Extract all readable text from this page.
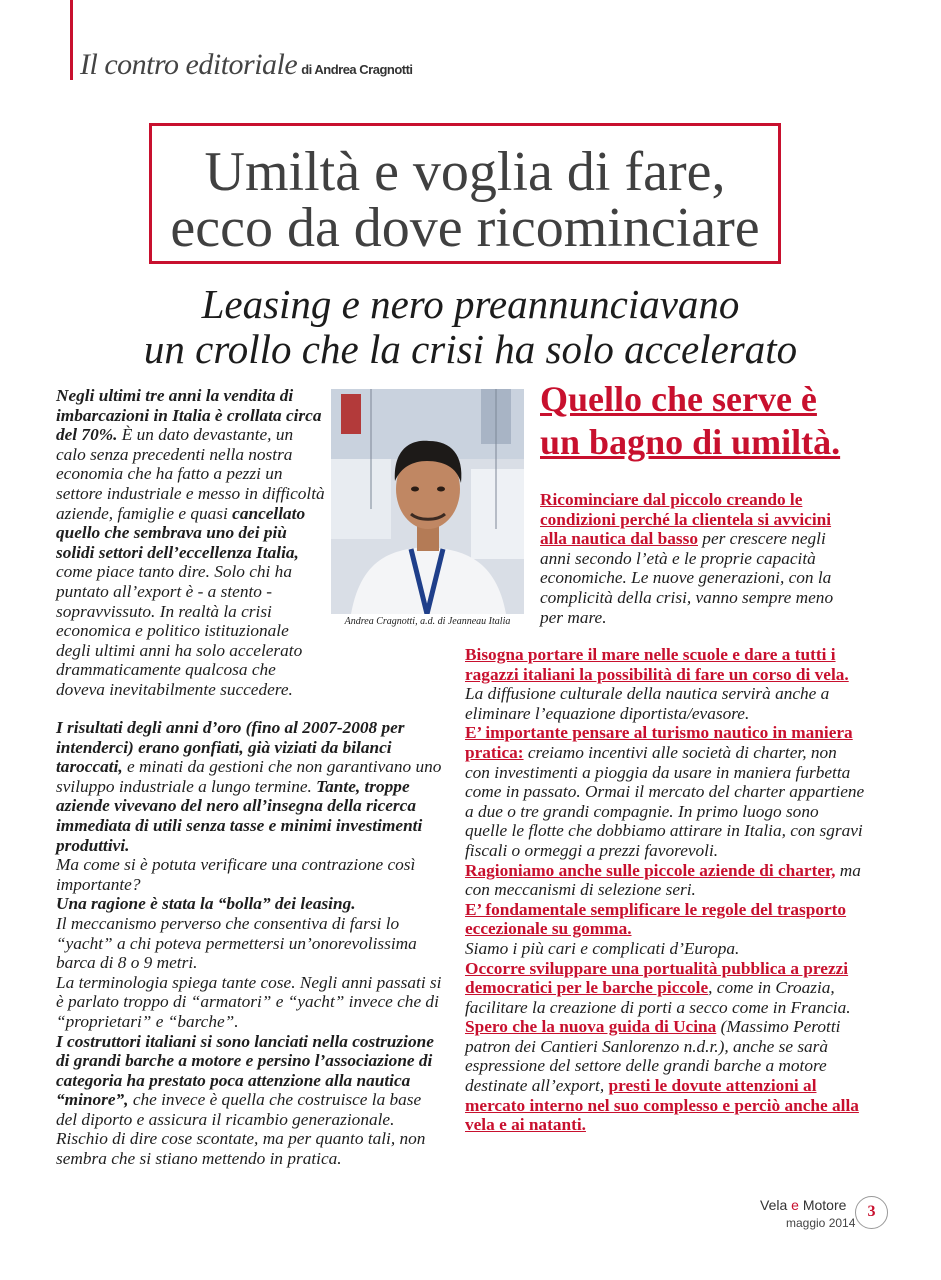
Il contro editoriale di Andrea Cragnotti
Umiltà e voglia di fare,
ecco da dove ricominciare
Leasing e nero preannunciavano
un crollo che la crisi ha solo accelerato

Negli ultimi tre anni la vendita di imbarcazioni in Italia è crollata circa del 70%. È un dato devastante, un calo senza precedenti nella nostra economia che ha fatto a pezzi un settore industriale e messo in difficoltà aziende, famiglie e quasi cancellato quello che sembrava uno dei più solidi settori dell’eccellenza Italia, come piace tanto dire. Solo chi ha puntato all’export è - a stento - sopravvissuto. In realtà la crisi economica e politico istituzionale degli ultimi anni ha solo accelerato drammaticamente qualcosa che doveva inevitabilmente succedere.

I risultati degli anni d’oro (fino al 2007-2008 per intenderci) erano gonfiati, già viziati da bilanci taroccati, e minati da gestioni che non garantivano uno sviluppo industriale a lungo termine. Tante, troppe aziende vivevano del nero all’insegna della ricerca immediata di utili senza tasse e minimi investimenti produttivi.

Ma come si è potuta verificare una contrazione così importante?

Una ragione è stata la “bolla” dei leasing.

Il meccanismo perverso che consentiva di farsi lo “yacht” a chi poteva permettersi un’onorevolissima barca di 8 o 9 metri.

La terminologia spiega tante cose. Negli anni passati si è parlato troppo di “armatori” e “yacht” invece che di “proprietari” e “barche”.

I costruttori italiani si sono lanciati nella costruzione di grandi barche a motore e persino l’associazione di categoria ha prestato poca attenzione alla nautica “minore”, che invece è quella che costruisce la base del diporto e assicura il ricambio generazionale.

Rischio di dire cose scontate, ma per quanto tali, non sembra che si stiano mettendo in pratica.

Andrea Cragnotti, a.d. di Jeanneau Italia
Quello che serve è
un bagno di umiltà.

Ricominciare dal piccolo creando le condizioni perché la clientela si avvicini alla nautica dal basso per crescere negli anni secondo l’età e le proprie capacità economiche. Le nuove generazioni, con la complicità della crisi, vanno sempre meno per mare.

Bisogna portare il mare nelle scuole e dare a tutti i ragazzi italiani la possibilità di fare un corso di vela.

La diffusione culturale della nautica servirà anche a eliminare l’equazione diportista/evasore.

E’ importante pensare al turismo nautico in maniera pratica: creiamo incentivi alle società di charter, non con investimenti a pioggia da usare in maniera furbetta come in passato. Ormai il mercato del charter appartiene a due o tre grandi compagnie. In primo luogo sono quelle le flotte che dobbiamo attirare in Italia, con sgravi fiscali o ormeggi a prezzi favorevoli.

Ragioniamo anche sulle piccole aziende di charter, ma con meccanismi di selezione seri.

E’ fondamentale semplificare le regole del trasporto eccezionale su gomma.

Siamo i più cari e complicati d’Europa.

Occorre sviluppare una portualità pubblica a prezzi democratici per le barche piccole, come in Croazia, facilitare la creazione di porti a secco come in Francia.

Spero che la nuova guida di Ucina (Massimo Perotti patron dei Cantieri Sanlorenzo n.d.r.), anche se sarà espressione del settore delle grandi barche a motore destinate all’export, presti le dovute attenzioni al mercato interno nel suo complesso e perciò anche alla vela e ai natanti.

Vela e Motore
maggio 2014
3
